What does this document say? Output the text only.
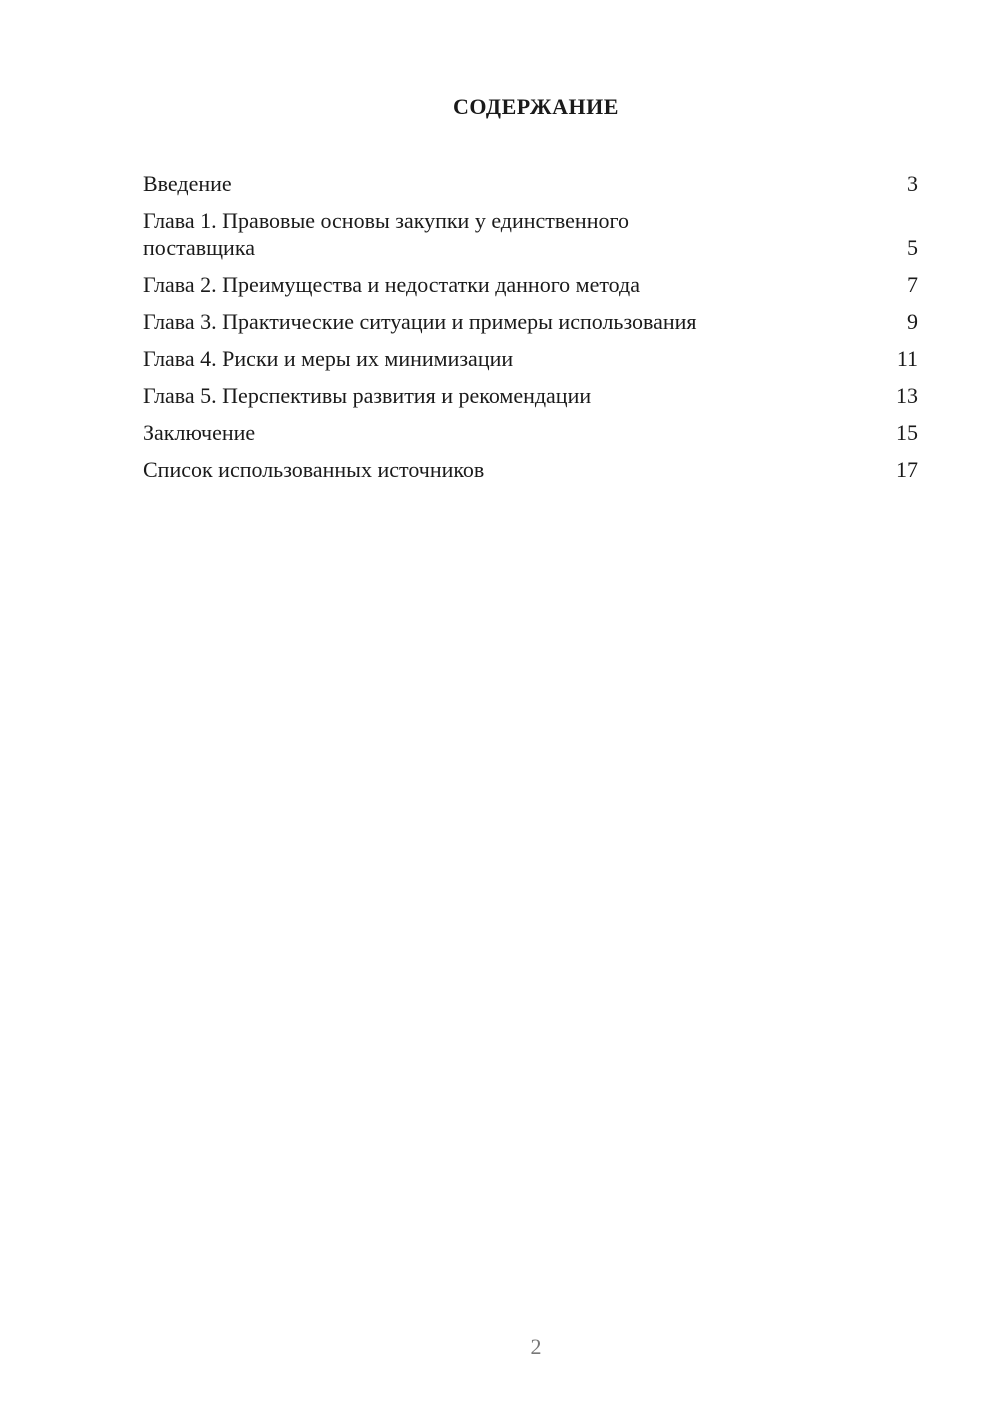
СОДЕРЖАНИЕ
Введение	3
Глава 1. Правовые основы закупки у единственного поставщика	5
Глава 2. Преимущества и недостатки данного метода	7
Глава 3. Практические ситуации и примеры использования	9
Глава 4. Риски и меры их минимизации	11
Глава 5. Перспективы развития и рекомендации	13
Заключение	15
Список использованных источников	17
2
